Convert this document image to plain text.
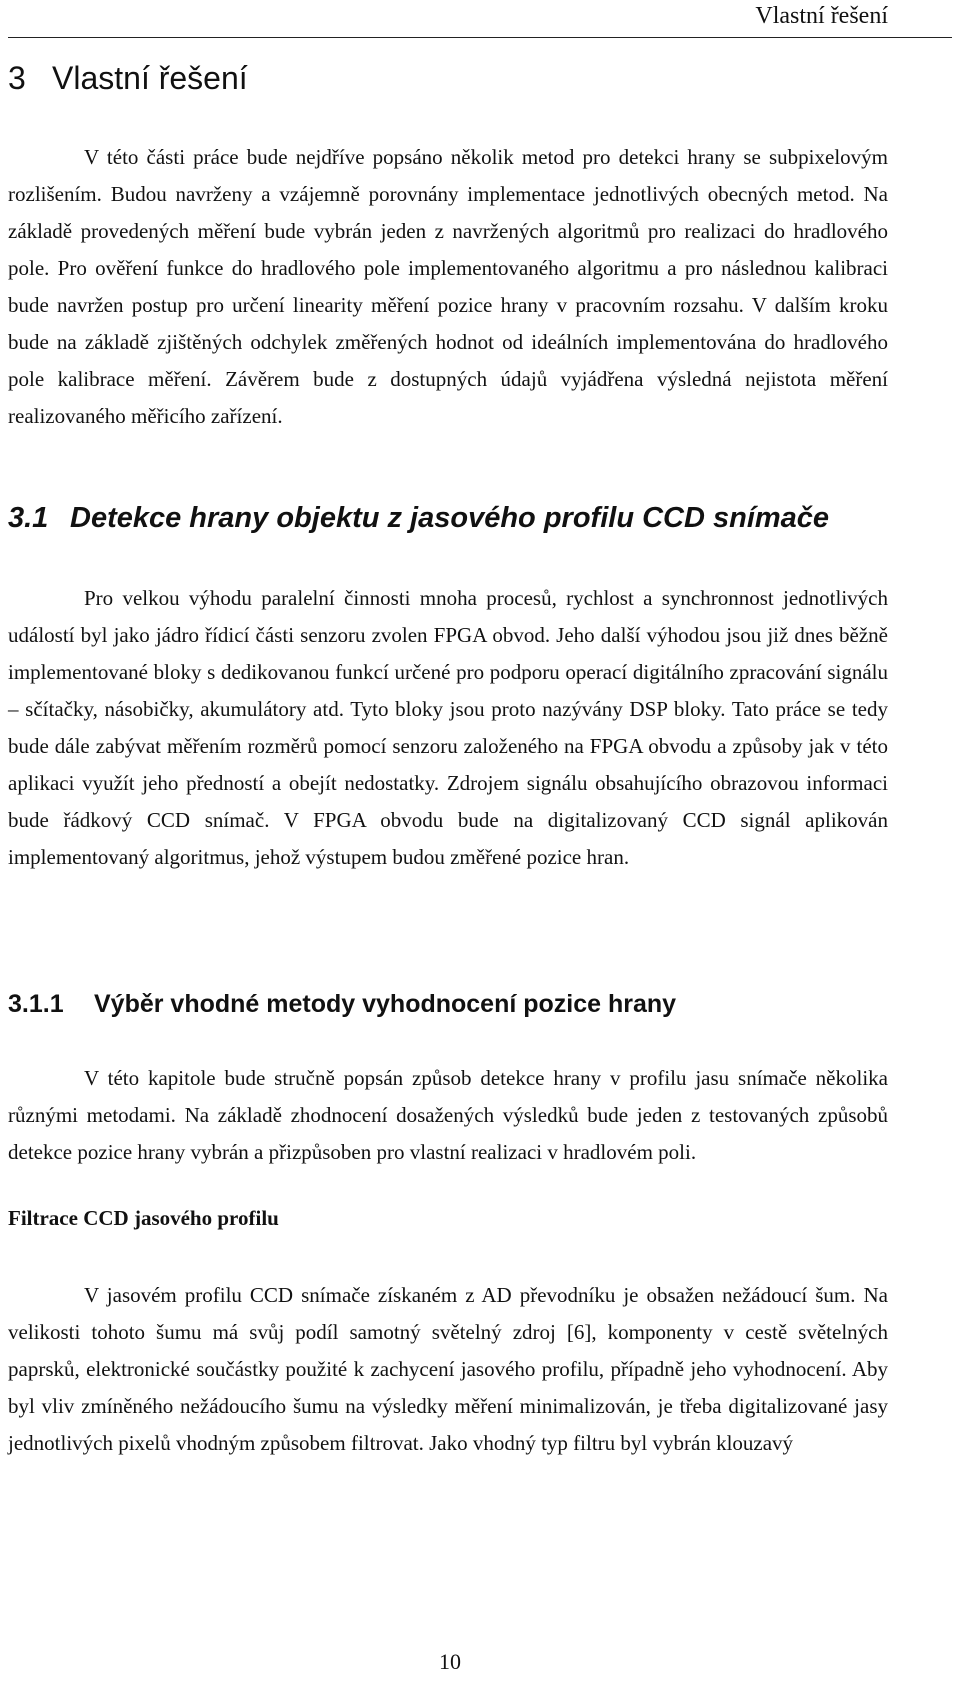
Vlastní řešení
3 Vlastní řešení

V této části práce bude nejdříve popsáno několik metod pro detekci hrany se subpixelovým rozlišením. Budou navrženy a vzájemně porovnány implementace jednotlivých obecných metod. Na základě provedených měření bude vybrán jeden z navržených algoritmů pro realizaci do hradlového pole. Pro ověření funkce do hradlového pole implementovaného algoritmu a pro následnou kalibraci bude navržen postup pro určení linearity měření pozice hrany v pracovním rozsahu. V dalším kroku bude na základě zjištěných odchylek změřených hodnot od ideálních implementována do hradlového pole kalibrace měření. Závěrem bude z dostupných údajů vyjádřena výsledná nejistota měření realizovaného měřicího zařízení.

3.1 Detekce hrany objektu z jasového profilu CCD snímače

Pro velkou výhodu paralelní činnosti mnoha procesů, rychlost a synchronnost jednotlivých událostí byl jako jádro řídicí části senzoru zvolen FPGA obvod. Jeho další výhodou jsou již dnes běžně implementované bloky s dedikovanou funkcí určené pro podporu operací digitálního zpracování signálu – sčítačky, násobičky, akumulátory atd. Tyto bloky jsou proto nazývány DSP bloky. Tato práce se tedy bude dále zabývat měřením rozměrů pomocí senzoru založeného na FPGA obvodu a způsoby jak v této aplikaci využít jeho předností a obejít nedostatky. Zdrojem signálu obsahujícího obrazovou informaci bude řádkový CCD snímač. V FPGA obvodu bude na digitalizovaný CCD signál aplikován implementovaný algoritmus, jehož výstupem budou změřené pozice hran.

3.1.1 Výběr vhodné metody vyhodnocení pozice hrany

V této kapitole bude stručně popsán způsob detekce hrany v profilu jasu snímače několika různými metodami. Na základě zhodnocení dosažených výsledků bude jeden z testovaných způsobů detekce pozice hrany vybrán a přizpůsoben pro vlastní realizaci v hradlovém poli.

Filtrace CCD jasového profilu

V jasovém profilu CCD snímače získaném z AD převodníku je obsažen nežádoucí šum. Na velikosti tohoto šumu má svůj podíl samotný světelný zdroj [6], komponenty v cestě světelných paprsků, elektronické součástky použité k zachycení jasového profilu, případně jeho vyhodnocení. Aby byl vliv zmíněného nežádoucího šumu na výsledky měření minimalizován, je třeba digitalizované jasy jednotlivých pixelů vhodným způsobem filtrovat. Jako vhodný typ filtru byl vybrán klouzavý

10
